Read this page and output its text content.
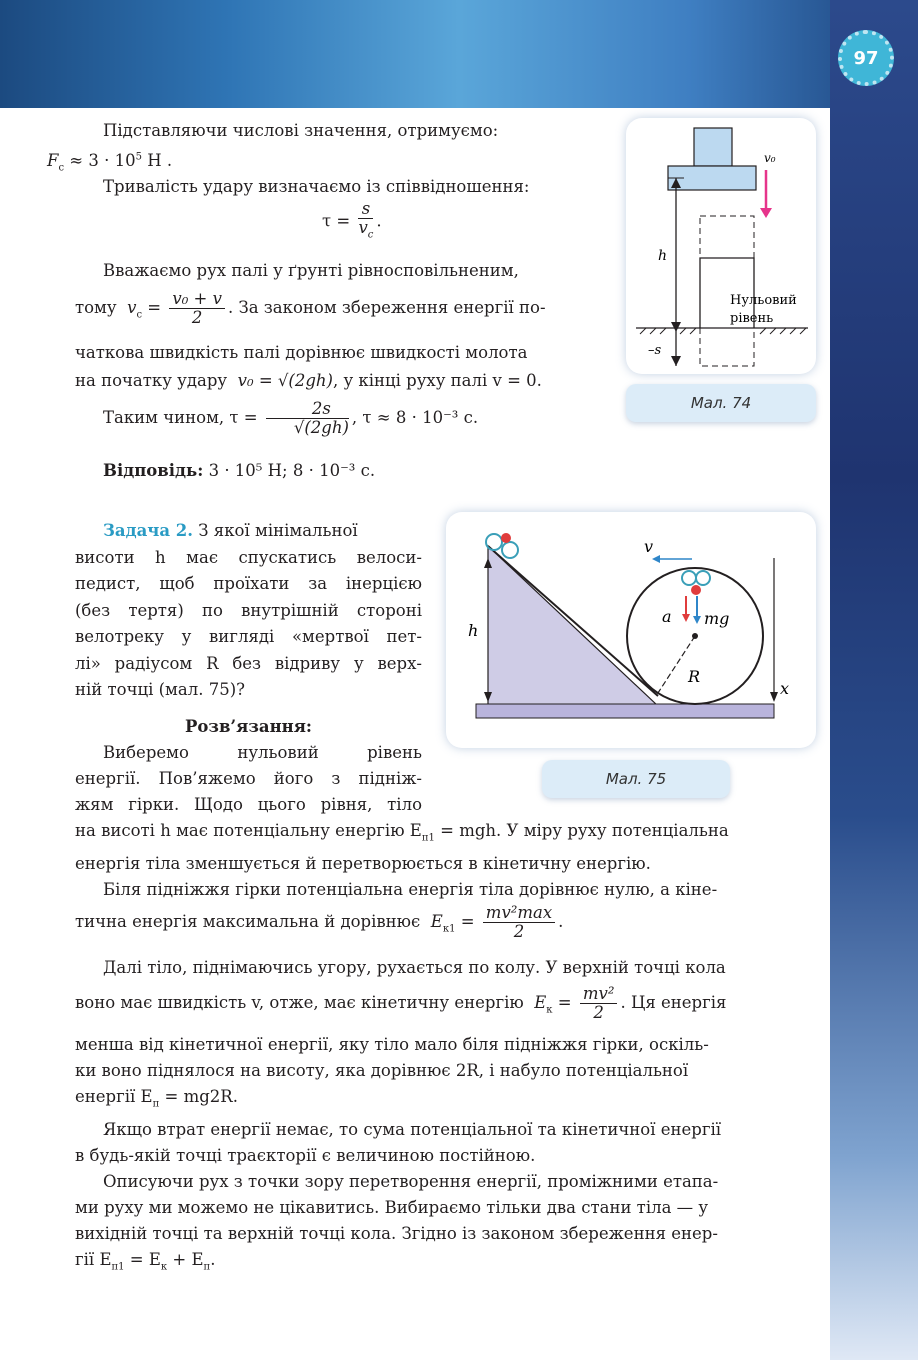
97

Підставляючи числові значення, отримуємо:
$F_с \approx 3 \cdot 10^5$ Н .

Тривалість удару визначаємо із співвідношення:

$\tau = \frac{s}{v_с}$ .

Вважаємо рух палі у ґрунті рівносповільненим,

тому $v_с = \frac{\text{v₀ + v}}{2}$ . За законом збереження енергії по-

чаткова швидкість палі дорівнює швидкості молота

на початку удару v₀ = √(2gh), у кінці руху палі v = 0.

Таким чином, $\tau = \frac{2s}{√(2gh)}$ , τ ≈ 8 · 10⁻³ с.

Відповідь: 3 · 10⁵ Н; 8 · 10⁻³ с.

v₀
h
–s
Нульовий
рівень
Мал. 74
Задача 2. З якої мінімальної
висоти h має спускатись велоси-
педист, щоб проїхати за інерцією
(без тертя) по внутрішній стороні
велотреку у вигляді «мертвої пет-
лі» радіусом R без відриву у верх-
ній точці (мал. 75)?
Розв’язання:
Виберемо нульовий рівень
енергії. Пов’яжемо його з підніж-
жям гірки. Щодо цього рівня, тіло
h
v
a mg
R
x
Мал. 75
на висоті h має потенціальну енергію $E_{п1}$ = mgh. У міру руху потенціальна
енергія тіла зменшується й перетворюється в кінетичну енергію.
Біля підніжжя гірки потенціальна енергія тіла дорівнює нулю, а кіне-
тична енергія максимальна й дорівнює $E_{к1} = \frac{\text{mv²max}}{2}$ .
Далі тіло, піднімаючись угору, рухається по колу. У верхній точці кола
воно має швидкість v, отже, має кінетичну енергію $E_к = \frac{\text{mv²}}{2}$ . Ця енергія
менша від кінетичної енергії, яку тіло мало біля підніжжя гірки, оскіль-
ки воно піднялося на висоту, яка дорівнює 2R, і набуло потенціальної
енергії $E_п = mg2R$.
Якщо втрат енергії немає, то сума потенціальної та кінетичної енергії
в будь-якій точці траєкторії є величиною постійною.
Описуючи рух з точки зору перетворення енергії, проміжними етапа-
ми руху ми можемо не цікавитись. Вибираємо тільки два стани тіла — у
вихідній точці та верхній точці кола. Згідно із законом збереження енер-
гії $E_{п1} = E_к + E_п$.
